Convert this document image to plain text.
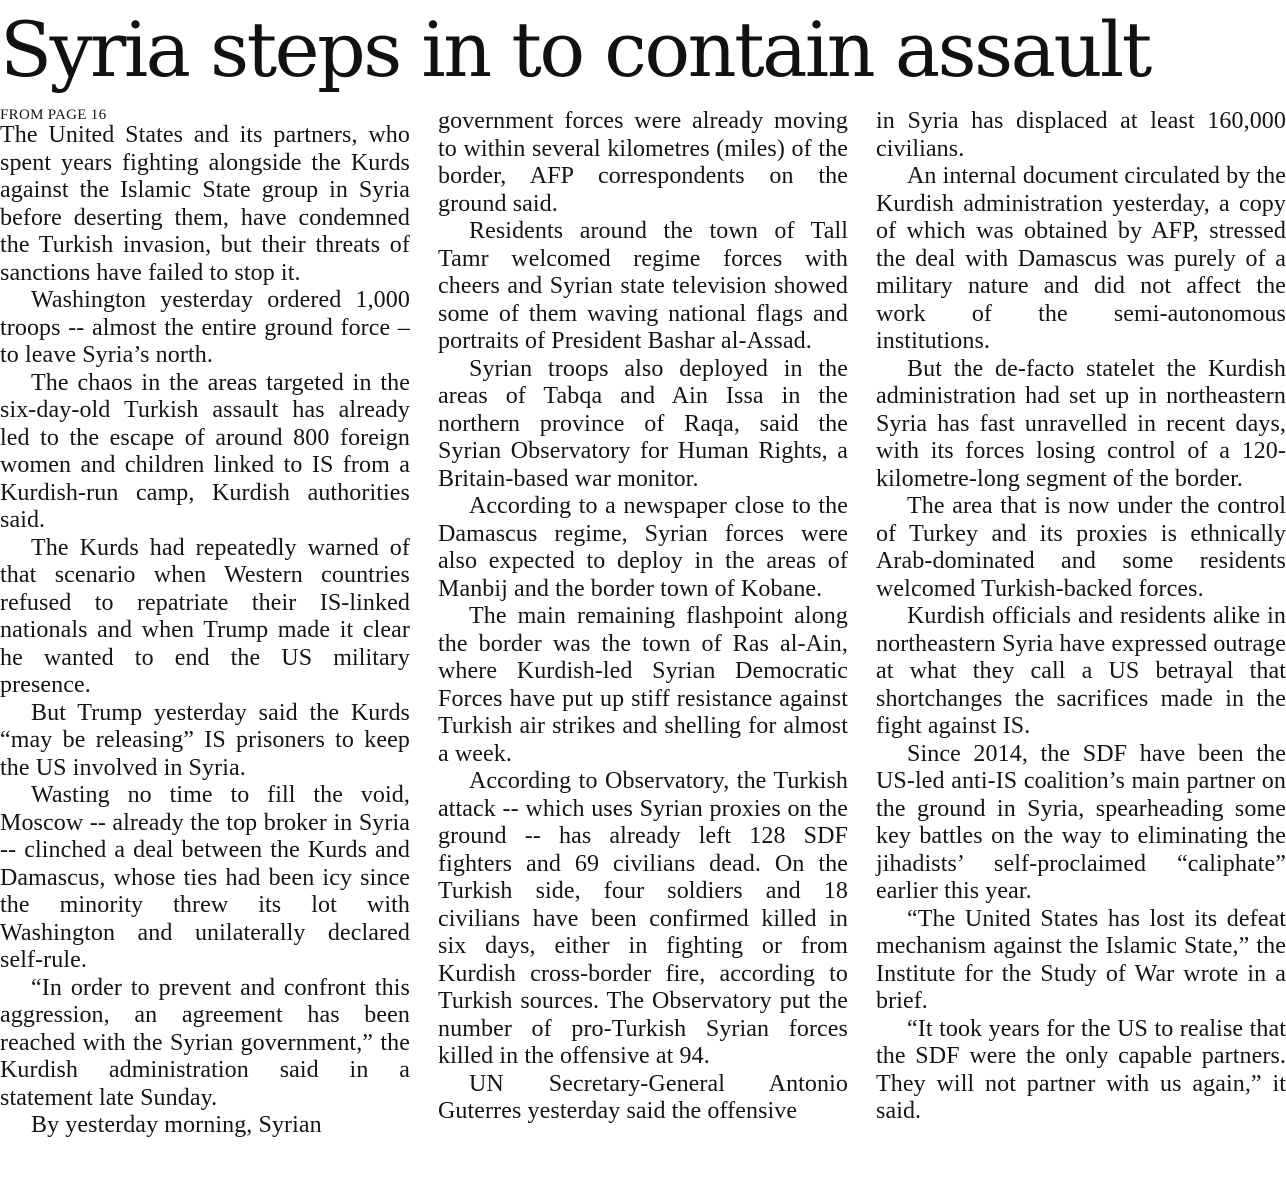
Syria steps in to contain assault
FROM PAGE 16

The United States and its partners, who spent years fighting alongside the Kurds against the Islamic State group in Syria before deserting them, have condemned the Turkish invasion, but their threats of sanctions have failed to stop it.

Washington yesterday ordered 1,000 troops -- almost the entire ground force – to leave Syria’s north.

The chaos in the areas targeted in the six-day-old Turkish assault has already led to the escape of around 800 foreign women and children linked to IS from a Kurdish-run camp, Kurdish authorities said.

The Kurds had repeatedly warned of that scenario when Western countries refused to repatriate their IS-linked nationals and when Trump made it clear he wanted to end the US military presence.

But Trump yesterday said the Kurds “may be releasing” IS prisoners to keep the US involved in Syria.

Wasting no time to fill the void, Moscow -- already the top broker in Syria -- clinched a deal between the Kurds and Damascus, whose ties had been icy since the minority threw its lot with Washington and unilaterally declared self-rule.

“In order to prevent and confront this aggression, an agreement has been reached with the Syrian government,” the Kurdish administration said in a statement late Sunday.

By yesterday morning, Syrian

government forces were already moving to within several kilometres (miles) of the border, AFP correspondents on the ground said.

Residents around the town of Tall Tamr welcomed regime forces with cheers and Syrian state television showed some of them waving national flags and portraits of President Bashar al-Assad.

Syrian troops also deployed in the areas of Tabqa and Ain Issa in the northern province of Raqa, said the Syrian Observatory for Human Rights, a Britain-based war monitor.

According to a newspaper close to the Damascus regime, Syrian forces were also expected to deploy in the areas of Manbij and the border town of Kobane.

The main remaining flashpoint along the border was the town of Ras al-Ain, where Kurdish-led Syrian Democratic Forces have put up stiff resistance against Turkish air strikes and shelling for almost a week.

According to Observatory, the Turkish attack -- which uses Syrian proxies on the ground -- has already left 128 SDF fighters and 69 civilians dead. On the Turkish side, four soldiers and 18 civilians have been confirmed killed in six days, either in fighting or from Kurdish cross-border fire, according to Turkish sources. The Observatory put the number of pro-Turkish Syrian forces killed in the offensive at 94.

UN Secretary-General Antonio Guterres yesterday said the offensive

in Syria has displaced at least 160,000 civilians.

An internal document circulated by the Kurdish administration yesterday, a copy of which was obtained by AFP, stressed the deal with Damascus was purely of a military nature and did not affect the work of the semi-autonomous institutions.

But the de-facto statelet the Kurdish administration had set up in northeastern Syria has fast unravelled in recent days, with its forces losing control of a 120-kilometre-long segment of the border.

The area that is now under the control of Turkey and its proxies is ethnically Arab-dominated and some residents welcomed Turkish-backed forces.

Kurdish officials and residents alike in northeastern Syria have expressed outrage at what they call a US betrayal that shortchanges the sacrifices made in the fight against IS.

Since 2014, the SDF have been the US-led anti-IS coalition’s main partner on the ground in Syria, spearheading some key battles on the way to eliminating the jihadists’ self-proclaimed “caliphate” earlier this year.

“The United States has lost its defeat mechanism against the Islamic State,” the Institute for the Study of War wrote in a brief.

“It took years for the US to realise that the SDF were the only capable partners. They will not partner with us again,” it said.
